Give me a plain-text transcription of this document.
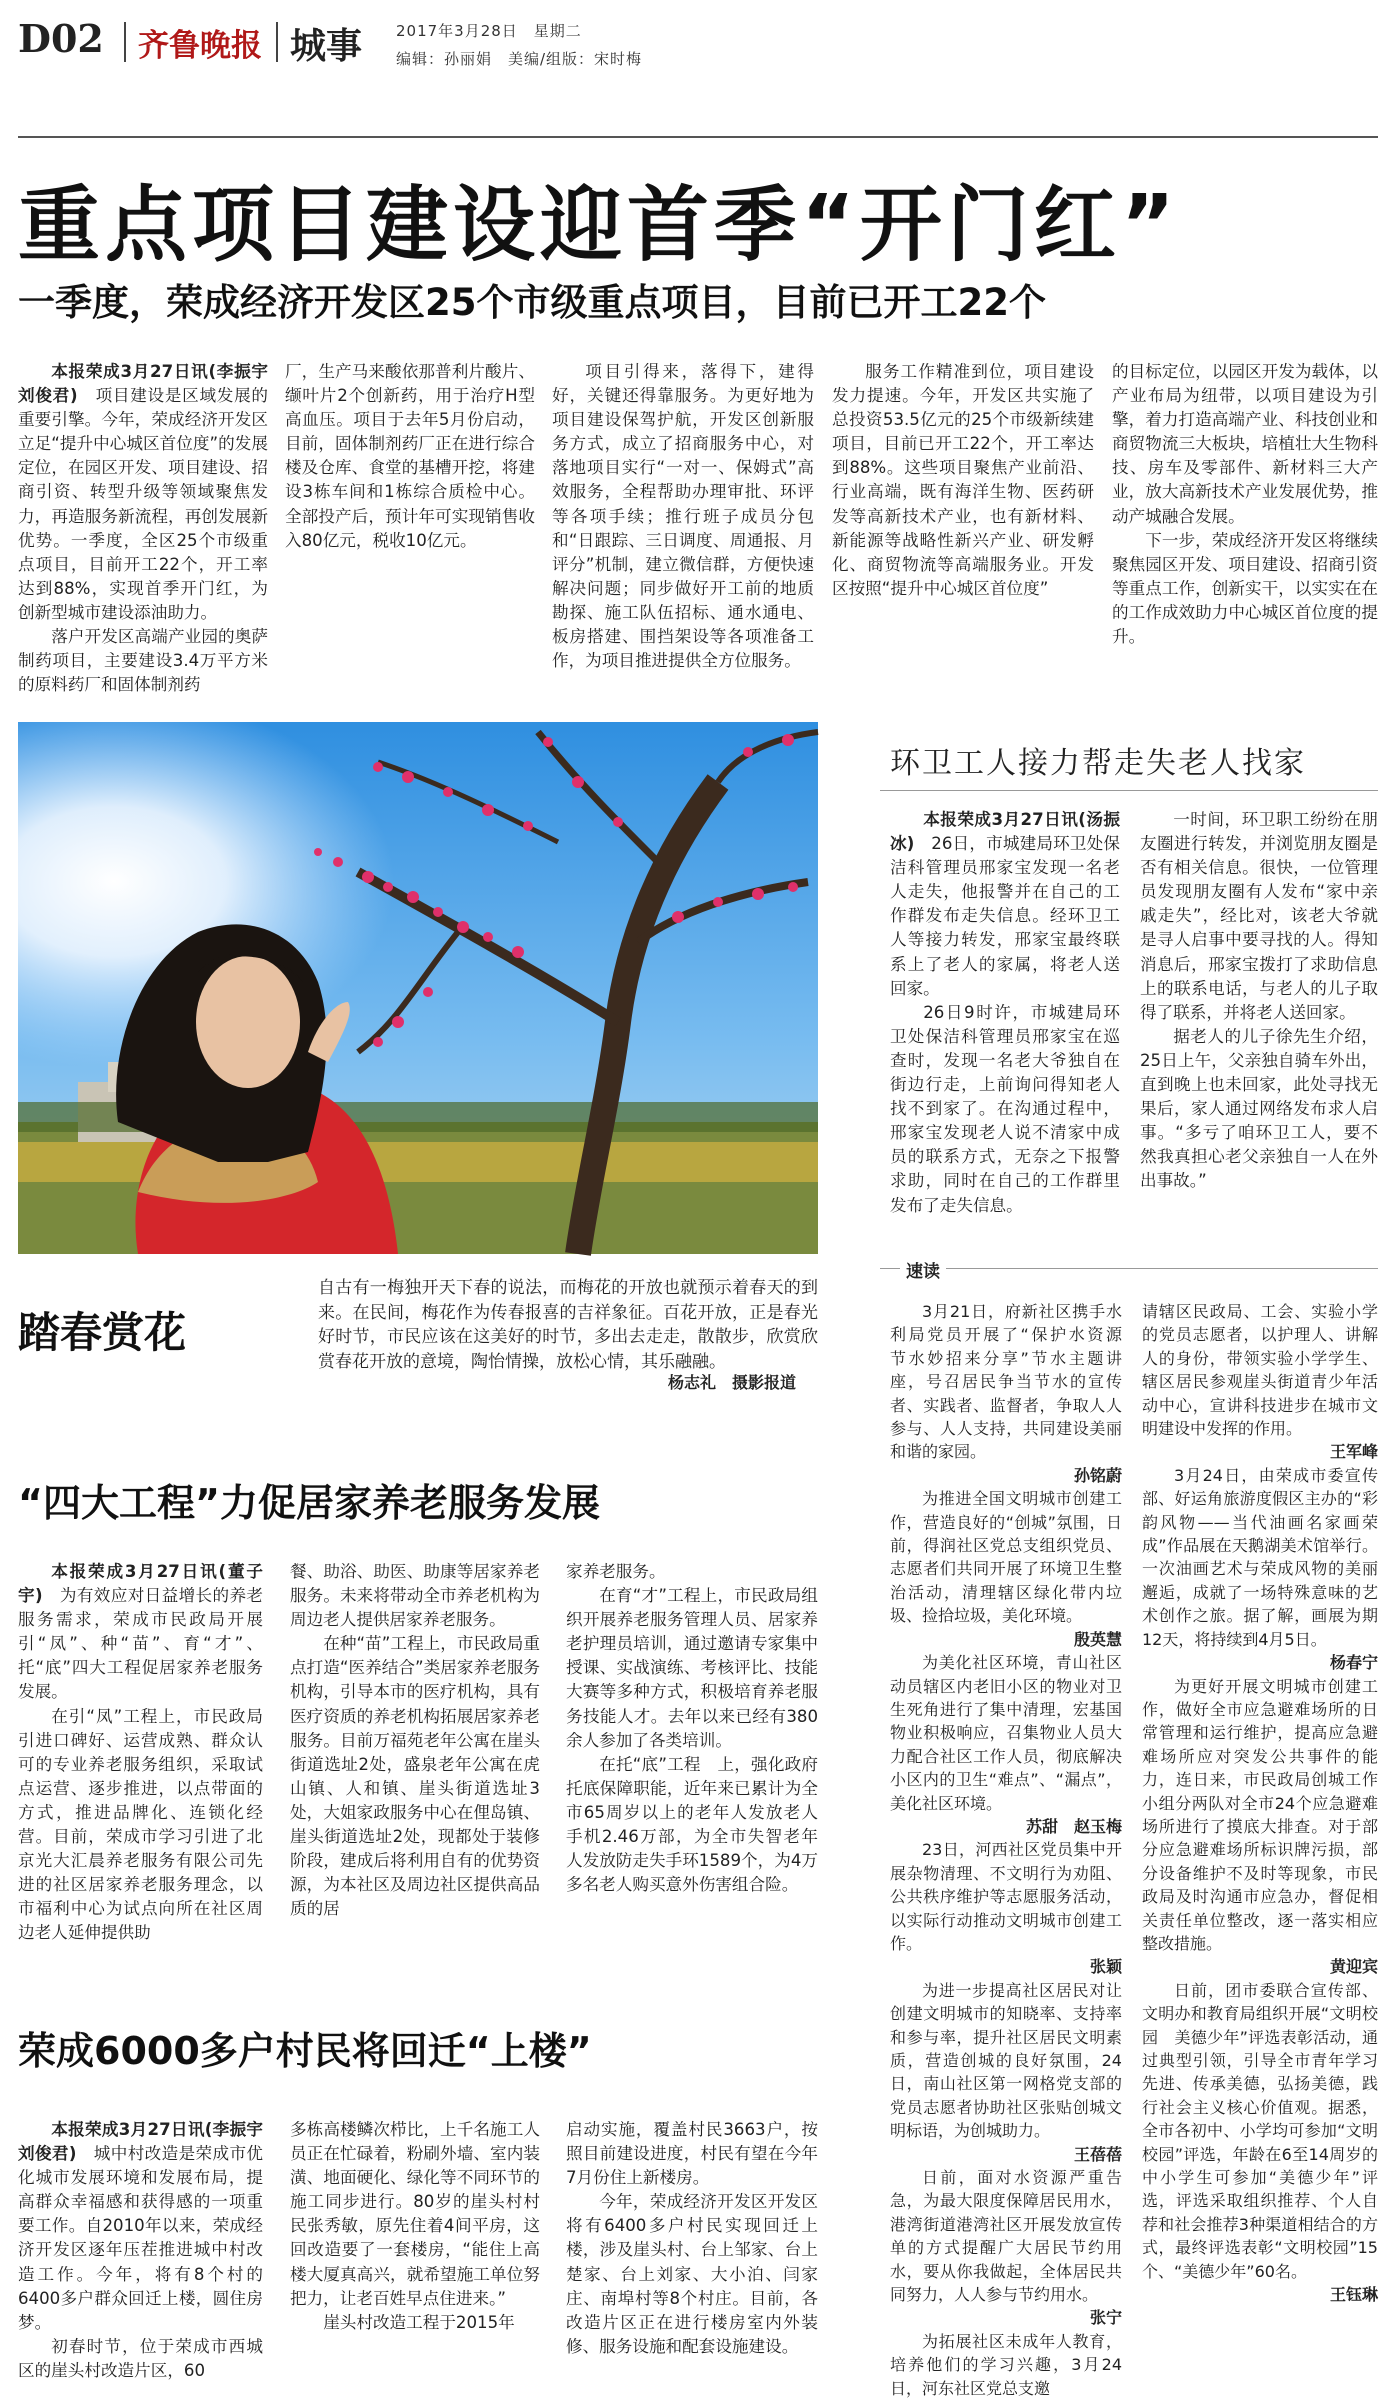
D02 齐鲁晚报 城事 2017年3月28日　星期二
编辑：孙丽娟　美编/组版：宋时梅
重点项目建设迎首季“开门红”
一季度，荣成经济开发区25个市级重点项目，目前已开工22个

本报荣成3月27日讯(李振宇 刘俊君)　 项目建设是区域发展的重要引擎。今年，荣成经济开发区立足“提升中心城区首位度”的发展定位，在园区开发、项目建设、招商引资、转型升级等领域聚焦发力，再造服务新流程，再创发展新优势。一季度，全区25个市级重点项目，目前开工22个，开工率达到88%，实现首季开门红，为创新型城市建设添油助力。

落户开发区高端产业园的奥萨制药项目，主要建设3.4万平方米的原料药厂和固体制剂药

厂，生产马来酸依那普利片酸片、缬叶片2个创新药，用于治疗H型高血压。项目于去年5月份启动，目前，固体制剂药厂正在进行综合楼及仓库、食堂的基槽开挖，将建设3栋车间和1栋综合质检中心。全部投产后，预计年可实现销售收入80亿元，税收10亿元。

项目引得来，落得下，建得好，关键还得靠服务。为更好地为项目建设保驾护航，开发区创新服务方式，成立了招商服务中心，对落地项目实行“一对一、保姆式”高效服务，全程帮助办理审批、环评等各项手续；推行班子成员分包和“日跟踪、三日调度、周通报、月评分”机制，建立微信群，方便快速解决问题；同步做好开工前的地质勘探、施工队伍招标、通水通电、板房搭建、围挡架设等各项准备工作，为项目推进提供全方位服务。

服务工作精准到位，项目建设发力提速。今年，开发区共实施了总投资53.5亿元的25个市级新续建项目，目前已开工22个，开工率达到88%。这些项目聚焦产业前沿、行业高端，既有海洋生物、医药研发等高新技术产业，也有新材料、新能源等战略性新兴产业、研发孵化、商贸物流等高端服务业。开发区按照“提升中心城区首位度”

的目标定位，以园区开发为载体，以产业布局为纽带，以项目建设为引擎，着力打造高端产业、科技创业和商贸物流三大板块，培植壮大生物科技、房车及零部件、新材料三大产业，放大高新技术产业发展优势，推动产城融合发展。

下一步，荣成经济开发区将继续聚焦园区开发、项目建设、招商引资等重点工作，创新实干，以实实在在的工作成效助力中心城区首位度的提升。

踏春赏花
自古有一梅独开天下春的说法，而梅花的开放也就预示着春天的到来。在民间，梅花作为传春报喜的吉祥象征。百花开放，正是春光好时节，市民应该在这美好的时节，多出去走走，散散步，欣赏欣赏春花开放的意境，陶怡情操，放松心情，其乐融融。
杨志礼　摄影报道
环卫工人接力帮走失老人找家

本报荣成3月27日讯(汤振冰)　 26日，市城建局环卫处保洁科管理员邢家宝发现一名老人走失，他报警并在自己的工作群发布走失信息。经环卫工人等接力转发，邢家宝最终联系上了老人的家属，将老人送回家。

26日9时许，市城建局环卫处保洁科管理员邢家宝在巡查时，发现一名老大爷独自在街边行走，上前询问得知老人找不到家了。在沟通过程中，邢家宝发现老人说不清家中成员的联系方式，无奈之下报警求助，同时在自己的工作群里发布了走失信息。

一时间，环卫职工纷纷在朋友圈进行转发，并浏览朋友圈是否有相关信息。很快，一位管理员发现朋友圈有人发布“家中亲戚走失”，经比对，该老大爷就是寻人启事中要寻找的人。得知消息后，邢家宝拨打了求助信息上的联系电话，与老人的儿子取得了联系，并将老人送回家。

据老人的儿子徐先生介绍，25日上午，父亲独自骑车外出，直到晚上也未回家，此处寻找无果后，家人通过网络发布求人启事。“多亏了咱环卫工人，要不然我真担心老父亲独自一人在外出事故。”

速读

3月21日，府新社区携手水利局党员开展了“保护水资源　节水妙招来分享”节水主题讲座，号召居民争当节水的宣传者、实践者、监督者，争取人人参与、人人支持，共同建设美丽和谐的家园。

孙铭蔚

为推进全国文明城市创建工作，营造良好的“创城”氛围，日前，得润社区党总支组织党员、志愿者们共同开展了环境卫生整治活动，清理辖区绿化带内垃圾、捡拾垃圾，美化环境。

殷英慧

为美化社区环境，青山社区动员辖区内老旧小区的物业对卫生死角进行了集中清理，宏基国物业积极响应，召集物业人员大力配合社区工作人员，彻底解决小区内的卫生“难点”、“漏点”，美化社区环境。

苏甜　赵玉梅

23日，河西社区党员集中开展杂物清理、不文明行为劝阻、公共秩序维护等志愿服务活动，以实际行动推动文明城市创建工作。

张颖

为进一步提高社区居民对让创建文明城市的知晓率、支持率和参与率，提升社区居民文明素质，营造创城的良好氛围，24日，南山社区第一网格党支部的党员志愿者协助社区张贴创城文明标语，为创城助力。

王蓓蓓

日前，面对水资源严重告急，为最大限度保障居民用水，港湾街道港湾社区开展发放宣传单的方式提醒广大居民节约用水，要从你我做起，全体居民共同努力，人人参与节约用水。

张宁

为拓展社区未成年人教育，培养他们的学习兴趣，3月24日，河东社区党总支邀

请辖区民政局、工会、实验小学的党员志愿者，以护理人、讲解人的身份，带领实验小学学生、辖区居民参观崖头街道青少年活动中心，宣讲科技进步在城市文明建设中发挥的作用。

王军峰

3月24日，由荣成市委宣传部、好运角旅游度假区主办的“彩韵风物——当代油画名家画荣成”作品展在天鹅湖美术馆举行。一次油画艺术与荣成风物的美丽邂逅，成就了一场特殊意味的艺术创作之旅。据了解，画展为期12天，将持续到4月5日。

杨春宁

为更好开展文明城市创建工作，做好全市应急避难场所的日常管理和运行维护，提高应急避难场所应对突发公共事件的能力，连日来，市民政局创城工作小组分两队对全市24个应急避难场所进行了摸底大排查。对于部分应急避难场所标识牌污损，部分设备维护不及时等现象，市民政局及时沟通市应急办，督促相关责任单位整改，逐一落实相应整改措施。

黄迎宾

日前，团市委联合宣传部、文明办和教育局组织开展“文明校园　美德少年”评选表彰活动，通过典型引领，引导全市青年学习先进、传承美德，弘扬美德，践行社会主义核心价值观。据悉，全市各初中、小学均可参加“文明校园”评选，年龄在6至14周岁的中小学生可参加“美德少年”评选，评选采取组织推荐、个人自荐和社会推荐3种渠道相结合的方式，最终评选表彰“文明校园”15个、“美德少年”60名。

王钰琳

“四大工程”力促居家养老服务发展

本报荣成3月27日讯(董子宇)　 为有效应对日益增长的养老服务需求，荣成市民政局开展引“凤”、种“苗”、育“才”、托“底”四大工程促居家养老服务发展。

在引“凤”工程上，市民政局引进口碑好、运营成熟、群众认可的专业养老服务组织，采取试点运营、逐步推进，以点带面的方式，推进品牌化、连锁化经营。目前，荣成市学习引进了北京光大汇晨养老服务有限公司先进的社区居家养老服务理念，以市福利中心为试点向所在社区周边老人延伸提供助

餐、助浴、助医、助康等居家养老服务。未来将带动全市养老机构为周边老人提供居家养老服务。

在种“苗”工程上，市民政局重点打造“医养结合”类居家养老服务机构，引导本市的医疗机构，具有医疗资质的养老机构拓展居家养老服务。目前万福苑老年公寓在崖头街道选址2处，盛泉老年公寓在虎山镇、人和镇、崖头街道选址3处，大姐家政服务中心在俚岛镇、崖头街道选址2处，现都处于装修阶段，建成后将利用自有的优势资源，为本社区及周边社区提供高品质的居

家养老服务。

在育“才”工程上，市民政局组织开展养老服务管理人员、居家养老护理员培训，通过邀请专家集中授课、实战演练、考核评比、技能大赛等多种方式，积极培育养老服务技能人才。去年以来已经有380余人参加了各类培训。

在托“底”工程　上，强化政府托底保障职能，近年来已累计为全市65周岁以上的老年人发放老人手机2.46万部，为全市失智老年人发放防走失手环1589个，为4万多名老人购买意外伤害组合险。

荣成6000多户村民将回迁“上楼”

本报荣成3月27日讯(李振宇 刘俊君)　 城中村改造是荣成市优化城市发展环境和发展布局，提高群众幸福感和获得感的一项重要工作。自2010年以来，荣成经济开发区逐年压茬推进城中村改造工作。今年，将有8个村的6400多户群众回迁上楼，圆住房梦。

初春时节，位于荣成市西城区的崖头村改造片区，60

多栋高楼鳞次栉比，上千名施工人员正在忙碌着，粉刷外墙、室内装潢、地面硬化、绿化等不同环节的施工同步进行。80岁的崖头村村民张秀敏，原先住着4间平房，这回改造要了一套楼房，“能住上高楼大厦真高兴，就希望施工单位努把力，让老百姓早点住进来。”

崖头村改造工程于2015年

启动实施，覆盖村民3663户，按照目前建设进度，村民有望在今年7月份住上新楼房。

今年，荣成经济开发区开发区将有6400多户村民实现回迁上楼，涉及崖头村、台上邹家、台上楚家、台上刘家、大小泊、闫家庄、南埠村等8个村庄。目前，各改造片区正在进行楼房室内外装修、服务设施和配套设施建设。
